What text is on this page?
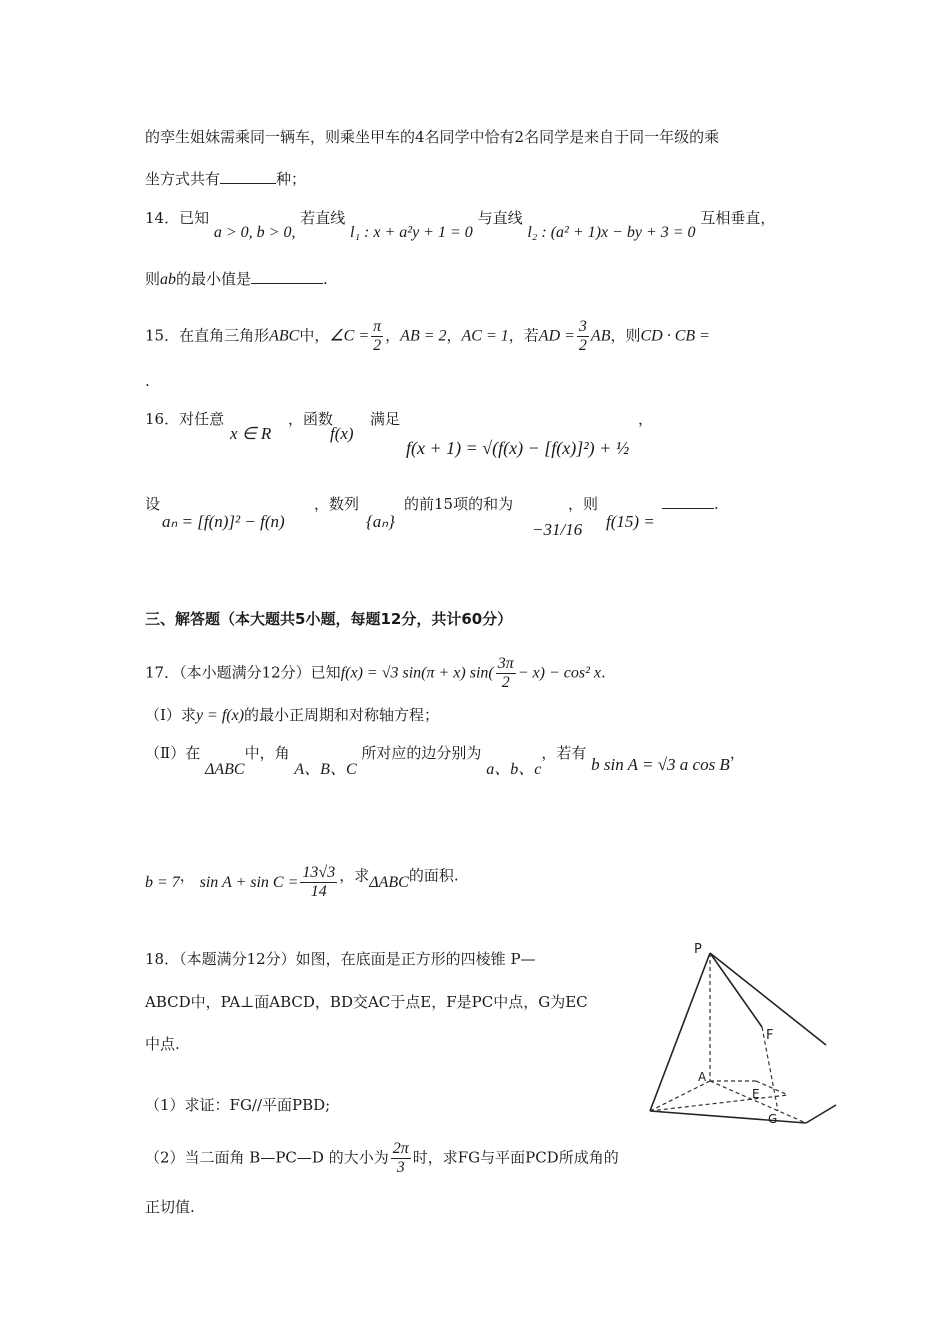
的孪生姐妹需乘同一辆车，则乘坐甲车的4名同学中恰有2名同学是来自于同一年级的乘
坐方式共有	种；
14．已知 a > 0, b > 0, 若直线 l₁ : x + a²y + 1 = 0 与直线 l₂ : (a² + 1)x − by + 3 = 0 互相垂直，
则ab的最小值是	.
15．在直角三角形ABC中，∠C = $\frac{\pi}{2}$ ，AB = 2，AC = 1，若AD = $\frac{3}{2}$ AB，则CD · CB =
.
16．对任意
x ∈ R
，函数
f(x)
满足
f(x + 1) = √(f(x) − [f(x)]²) + ½
，
设
aₙ = [f(n)]² − f(n)
，数列
{aₙ}
的前15项的和为
−31/16
，则
f(15) =
.
三、解答题（本大题共5小题，每题12分，共计60分）
17．（本小题满分12分）已知f(x) = √3 sin(π + x) $\sin( \frac{3\pi}{2} - x) - \cos^2$ x.
（Ⅰ）求y = f(x)的最小正周期和对称轴方程；
（Ⅱ）在 ΔABC中，角 A、B、C 所对应的边分别为 a、b、c，若有 b sin A = √3 a cos B，
b = 7， $\sin A + \sin C = \frac{13√3}{14}$ ，求ΔABC的面积.
18．（本题满分12分）如图，在底面是正方形的四棱锥 P—
ABCD中，PA⊥面ABCD，BD交AC于点E，F是PC中点，G为EC
中点.
（1）求证：FG//平面PBD;
（2）当二面角 B—PC—D 的大小为 $\frac{2\pi}{3}$ 时，求FG与平面PCD所成角的
正切值.
P
F
A
E
G
